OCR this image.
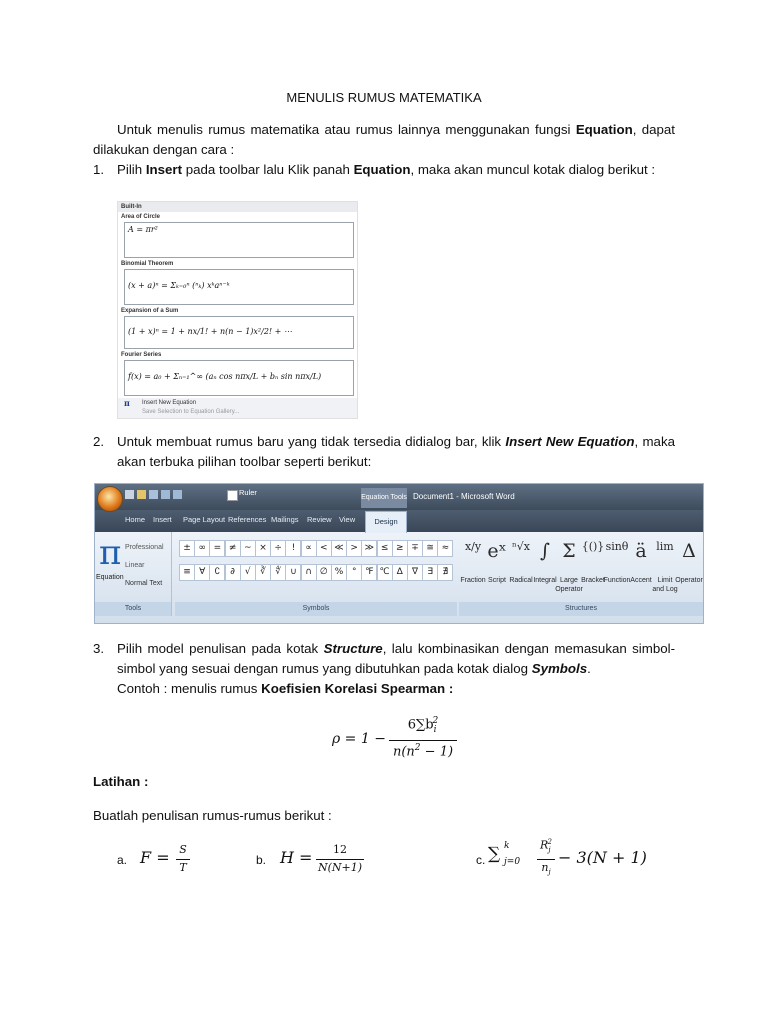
MENULIS RUMUS MATEMATIKA
Untuk menulis rumus matematika atau rumus lainnya menggunakan fungsi Equation, dapat dilakukan dengan cara :
1. Pilih Insert pada toolbar lalu Klik panah Equation, maka akan muncul kotak dialog berikut :
Built-In
Area of Circle
A = πr²
Binomial Theorem
(x + a)ⁿ = Σₖ₌₀ⁿ (ⁿₖ) xᵏaⁿ⁻ᵏ
Expansion of a Sum
(1 + x)ⁿ = 1 + nx/1! + n(n − 1)x²/2! + ⋯
Fourier Series
f(x) = a₀ + Σₙ₌₁^∞ (aₙ cos nπx/L + bₙ sin nπx/L)
π	Insert New Equation
Save Selection to Equation Gallery...
2. Untuk membuat rumus baru yang tidak tersedia didialog bar, klik Insert New Equation, maka akan terbuka pilihan toolbar seperti berikut:
Ruler
Equation Tools Document1 - Microsoft Word
Home Insert Page Layout References Mailings Review View	Design
π
Equation
Professional
Linear
Normal Text
Tools
± ∞ = ≠ ~ × ÷	!	∝ < ≪ > ≫ ≤ ≥ ∓ ≅ ≈
≡ ∀	∁	∂	√	∛	∜	∪ ∩ ∅ % ° ℉ ℃ ∆	∇	∃	∄
Symbols	Structures
x/y
Fraction
eˣ
Script
ⁿ√x
Radical
∫
Integral
Σ
Large Operator
{()}
Bracket
sinθ
Function
ä
Accent
lim
Limit and Log
Δ
Operator
3. Pilih model penulisan pada kotak Structure, lalu kombinasikan dengan memasukan simbol-simbol yang sesuai dengan rumus yang dibutuhkan pada kotak dialog Symbols.
Contoh : menulis rumus Koefisien Korelasi Spearman :
ρ = 1 −
$6\sum b_i^2$
$n(n^2 - 1)$
Latihan :
Buatlah penulisan rumus-rumus berikut :
a. F = S
T
b. H =	12
N(N+1)
c. ∑ k
j=0
$R_j^2$
$n_j$
− 3(N + 1)
